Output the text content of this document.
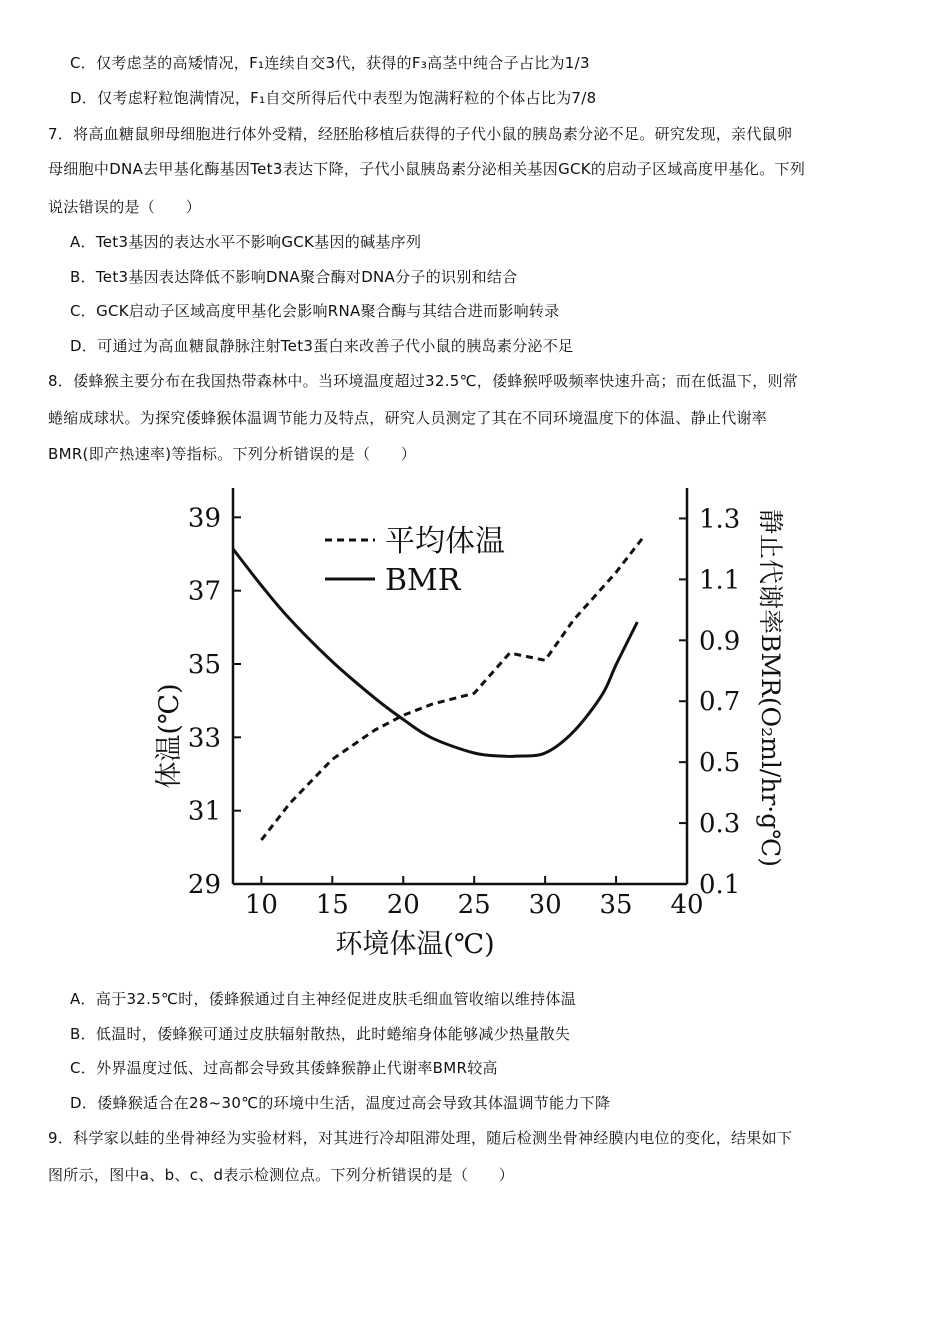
C．仅考虑茎的高矮情况，F₁连续自交3代，获得的F₃高茎中纯合子占比为1/3
D．仅考虑籽粒饱满情况，F₁自交所得后代中表型为饱满籽粒的个体占比为7/8
7．将高血糖鼠卵母细胞进行体外受精，经胚胎移植后获得的子代小鼠的胰岛素分泌不足。研究发现，亲代鼠卵
母细胞中DNA去甲基化酶基因Tet3表达下降，子代小鼠胰岛素分泌相关基因GCK的启动子区域高度甲基化。下列
说法错误的是（　　）
A．Tet3基因的表达水平不影响GCK基因的碱基序列
B．Tet3基因表达降低不影响DNA聚合酶对DNA分子的识别和结合
C．GCK启动子区域高度甲基化会影响RNA聚合酶与其结合进而影响转录
D．可通过为高血糖鼠静脉注射Tet3蛋白来改善子代小鼠的胰岛素分泌不足
8．倭蜂猴主要分布在我国热带森林中。当环境温度超过32.5℃，倭蜂猴呼吸频率快速升高；而在低温下，则常
蜷缩成球状。为探究倭蜂猴体温调节能力及特点，研究人员测定了其在不同环境温度下的体温、静止代谢率
BMR(即产热速率)等指标。下列分析错误的是（　　）
10 15 20 25 30 35 40
29
31
33
35
37
39
0.1
0.3
0.5
0.7
0.9
1.1
1.3
平均体温
BMR
环境体温(℃)
体温(℃)	静止代谢率BMR(O₂ml/hr·g℃)
A．高于32.5℃时，倭蜂猴通过自主神经促进皮肤毛细血管收缩以维持体温
B．低温时，倭蜂猴可通过皮肤辐射散热，此时蜷缩身体能够减少热量散失
C．外界温度过低、过高都会导致其倭蜂猴静止代谢率BMR较高
D．倭蜂猴适合在28~30℃的环境中生活，温度过高会导致其体温调节能力下降
9．科学家以蛙的坐骨神经为实验材料，对其进行冷却阻滞处理，随后检测坐骨神经膜内电位的变化，结果如下
图所示，图中a、b、c、d表示检测位点。下列分析错误的是（　　）
